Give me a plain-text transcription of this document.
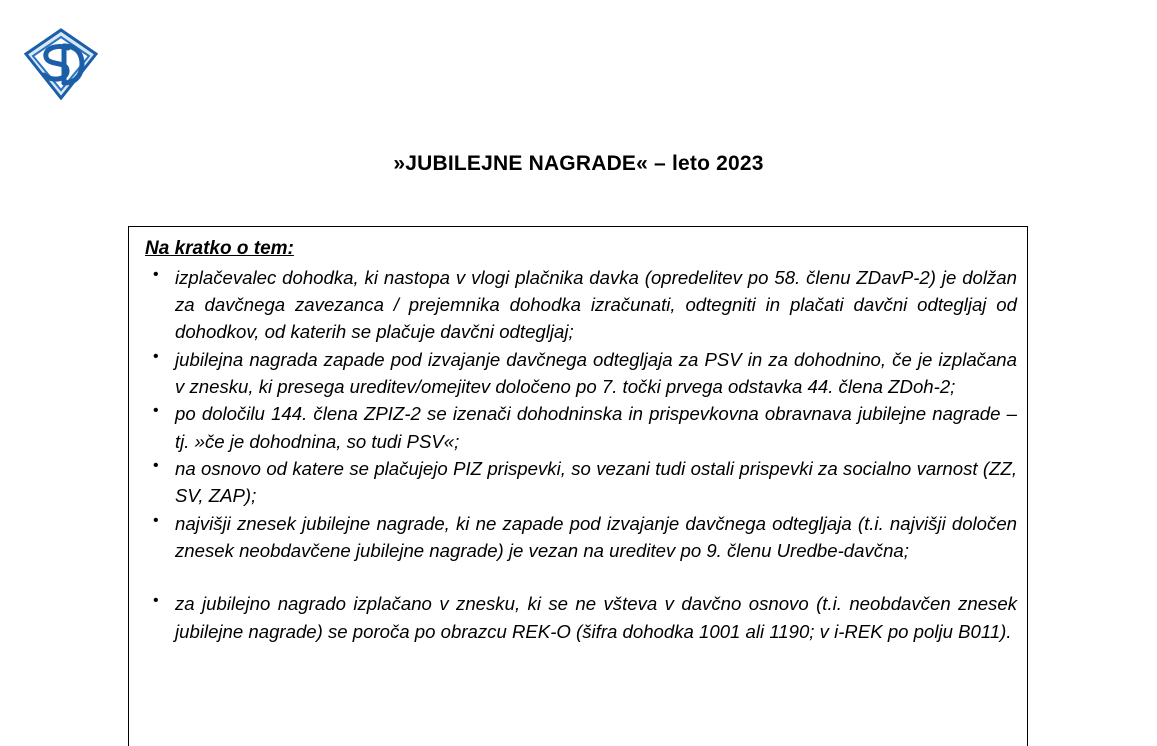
»JUBILEJNE NAGRADE« – leto 2023
Na kratko o tem:
• izplačevalec dohodka, ki nastopa v vlogi plačnika davka (opredelitev po 58. členu ZDavP-2) je dolžan za davčnega zavezanca / prejemnika dohodka izračunati, odtegniti in plačati davčni odtegljaj od dohodkov, od katerih se plačuje davčni odtegljaj;
• jubilejna nagrada zapade pod izvajanje davčnega odtegljaja za PSV in za dohodnino, če je izplačana v znesku, ki presega ureditev/omejitev določeno po 7. točki prvega odstavka 44. člena ZDoh-2;
• po določilu 144. člena ZPIZ-2 se izenači dohodninska in prispevkovna obravnava jubilejne nagrade – tj. »če je dohodnina, so tudi PSV«;
• na osnovo od katere se plačujejo PIZ prispevki, so vezani tudi ostali prispevki za socialno varnost (ZZ, SV, ZAP);
• najvišji znesek jubilejne nagrade, ki ne zapade pod izvajanje davčnega odtegljaja (t.i. najvišji določen znesek neobdavčene jubilejne nagrade) je vezan na ureditev po 9. členu Uredbe-davčna;
• za jubilejno nagrado izplačano v znesku, ki se ne všteva v davčno osnovo (t.i. neobdavčen znesek jubilejne nagrade) se poroča po obrazcu REK-O (šifra dohodka 1001 ali 1190; v i-REK po polju B011).
